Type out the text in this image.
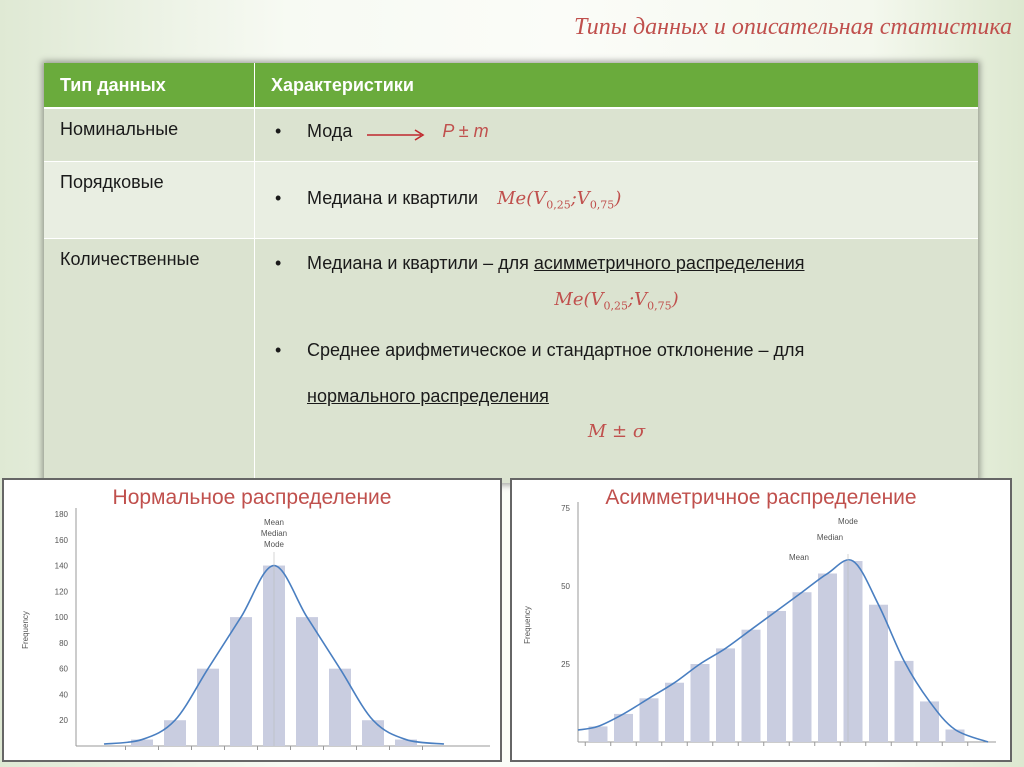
Типы данных и описательная статистика
Тип данных	Характеристики

Номинальные	• Мода P ± m

Порядковые	• Медиана и квартили $Me(V_{0,25};V_{0,75})$

Количественные	• Медиана и квартили – для асимметричного распределения
$Me(V_{0,25};V_{0,75})$
• Среднее арифметическое и стандартное отклонение – для
нормального распределения
M ± σ
Нормальное распределение
20
40
60
80
100
120
140
160
180
Frequency
Mean
Median
Mode
Асимметричное распределение
25
50
75
Frequency
Mode
Median
Mean
